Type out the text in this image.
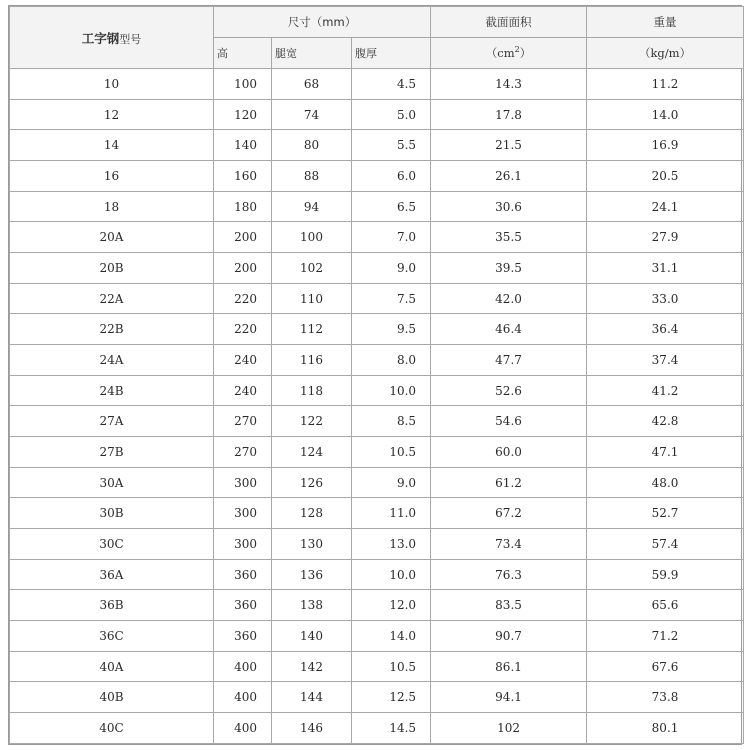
工字钢型号	尺寸（mm）			截面面积	重量
	高	腿宽	腹厚	$(cm^2)$	（kg/m）
10	100	68	4.5	14.3	11.2
12	120	74	5.0	17.8	14.0
14	140	80	5.5	21.5	16.9
16	160	88	6.0	26.1	20.5
18	180	94	6.5	30.6	24.1
20A	200	100	7.0	35.5	27.9
20B	200	102	9.0	39.5	31.1
22A	220	110	7.5	42.0	33.0
22B	220	112	9.5	46.4	36.4
24A	240	116	8.0	47.7	37.4
24B	240	118	10.0	52.6	41.2
27A	270	122	8.5	54.6	42.8
27B	270	124	10.5	60.0	47.1
30A	300	126	9.0	61.2	48.0
30B	300	128	11.0	67.2	52.7
30C	300	130	13.0	73.4	57.4
36A	360	136	10.0	76.3	59.9
36B	360	138	12.0	83.5	65.6
36C	360	140	14.0	90.7	71.2
40A	400	142	10.5	86.1	67.6
40B	400	144	12.5	94.1	73.8
40C	400	146	14.5	102	80.1
